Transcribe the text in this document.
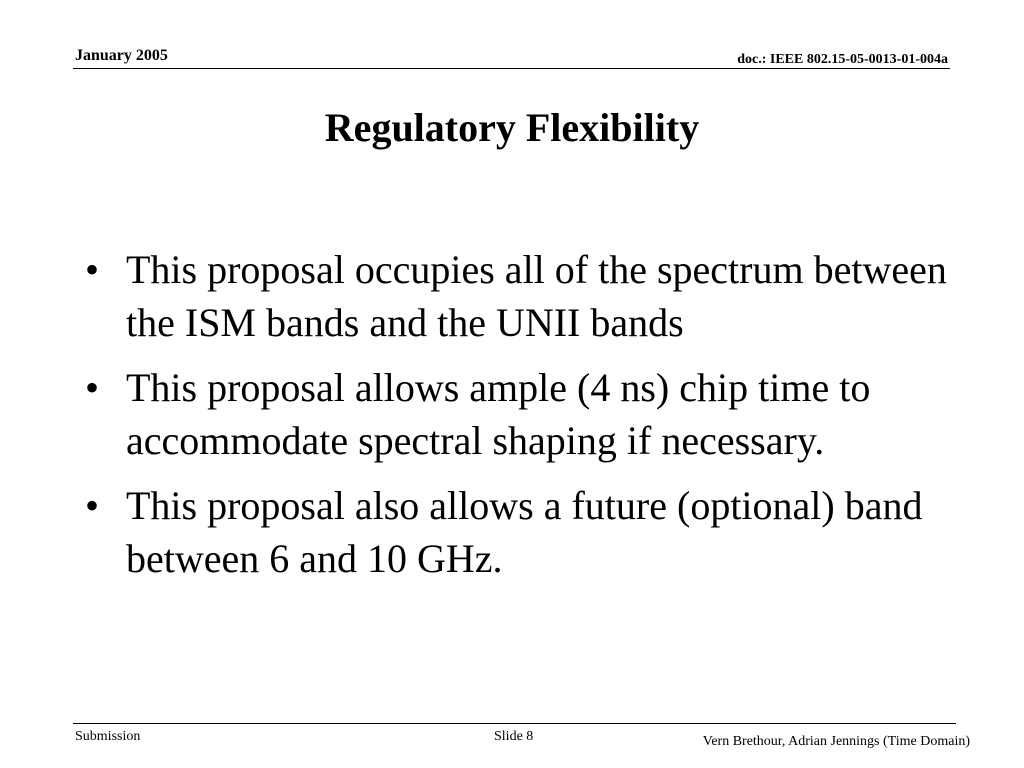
January 2005	doc.: IEEE 802.15-05-0013-01-004a
Regulatory Flexibility
• This proposal occupies all of the spectrum between the ISM bands and the UNII bands
• This proposal allows ample (4 ns) chip time to accommodate spectral shaping if necessary.
• This proposal also allows a future (optional) band between 6 and 10 GHz.
Submission	Slide 8	Vern Brethour, Adrian Jennings (Time Domain)
